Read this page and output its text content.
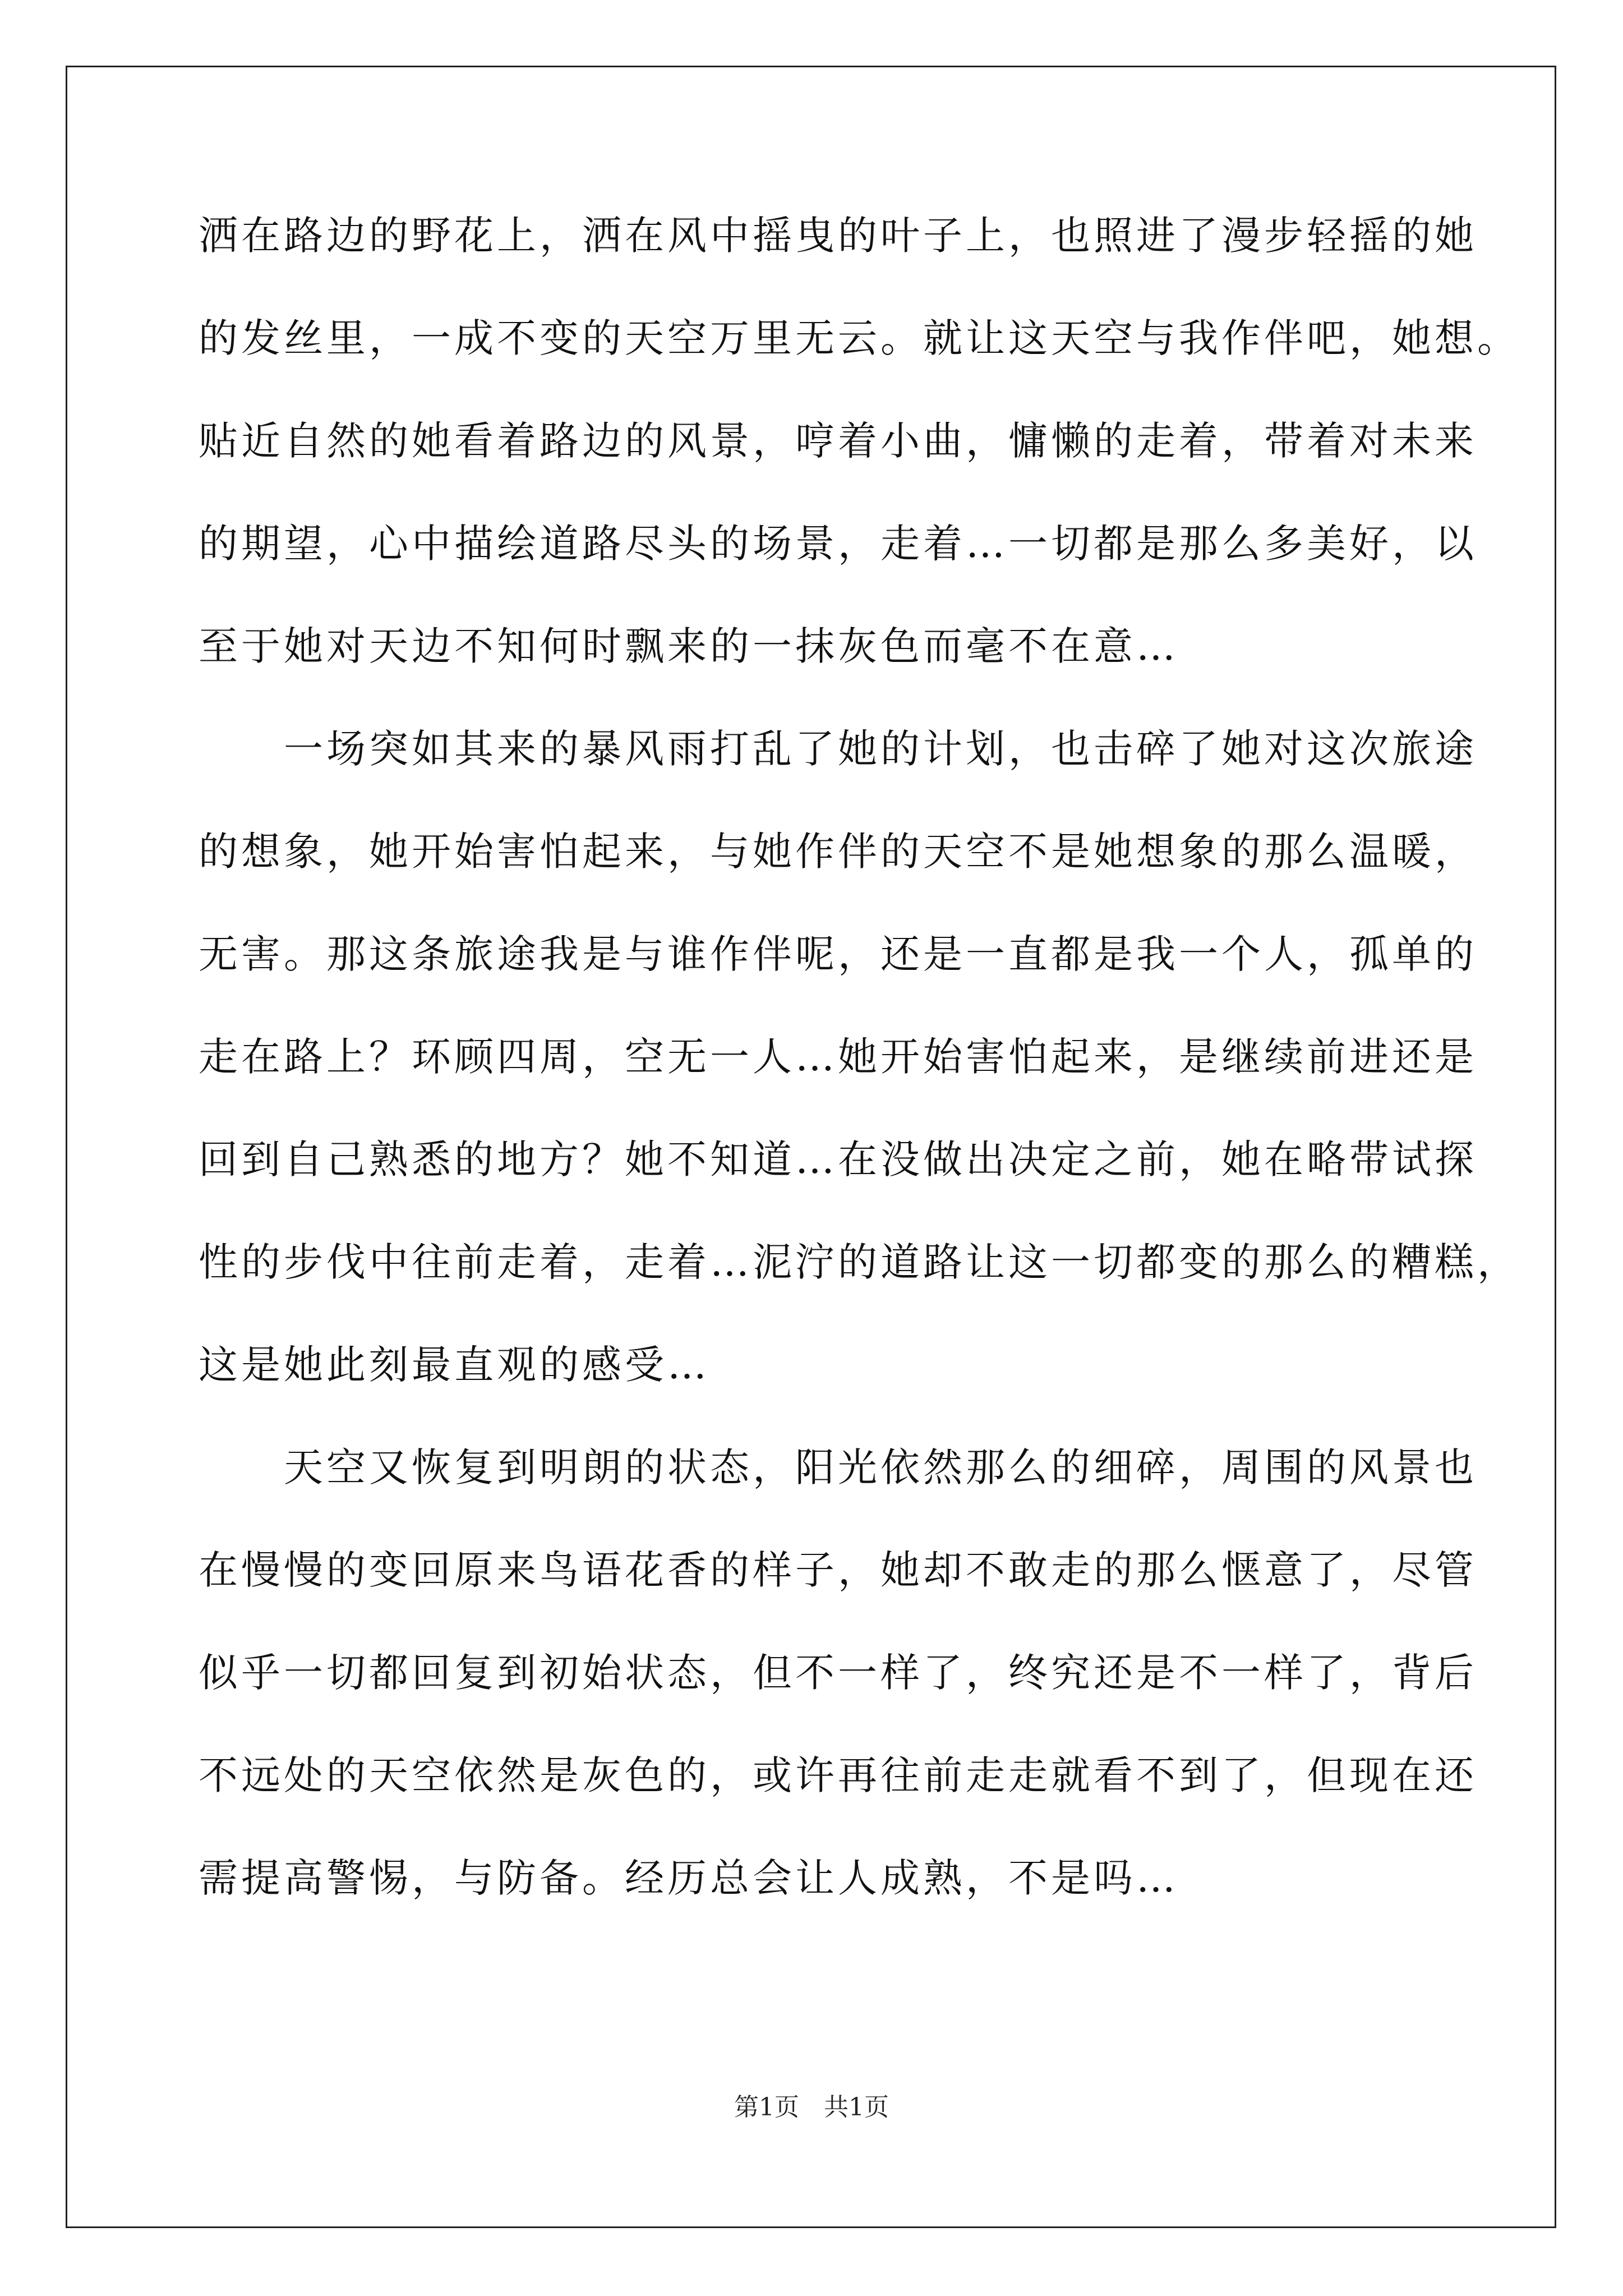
洒在路边的野花上，洒在风中摇曳的叶子上，也照进了漫步轻摇的她
的发丝里，一成不变的天空万里无云。就让这天空与我作伴吧，她想。
贴近自然的她看着路边的风景，哼着小曲，慵懒的走着，带着对未来
的期望，心中描绘道路尽头的场景，走着…一切都是那么多美好，以
至于她对天边不知何时飘来的一抹灰色而毫不在意…
　　一场突如其来的暴风雨打乱了她的计划，也击碎了她对这次旅途
的想象，她开始害怕起来，与她作伴的天空不是她想象的那么温暖，
无害。那这条旅途我是与谁作伴呢，还是一直都是我一个人，孤单的
走在路上？环顾四周，空无一人…她开始害怕起来，是继续前进还是
回到自己熟悉的地方？她不知道…在没做出决定之前，她在略带试探
性的步伐中往前走着，走着…泥泞的道路让这一切都变的那么的糟糕，
这是她此刻最直观的感受…
　　天空又恢复到明朗的状态，阳光依然那么的细碎，周围的风景也
在慢慢的变回原来鸟语花香的样子，她却不敢走的那么惬意了，尽管
似乎一切都回复到初始状态，但不一样了，终究还是不一样了，背后
不远处的天空依然是灰色的，或许再往前走走就看不到了，但现在还
需提高警惕，与防备。经历总会让人成熟，不是吗…
第1页　共1页
